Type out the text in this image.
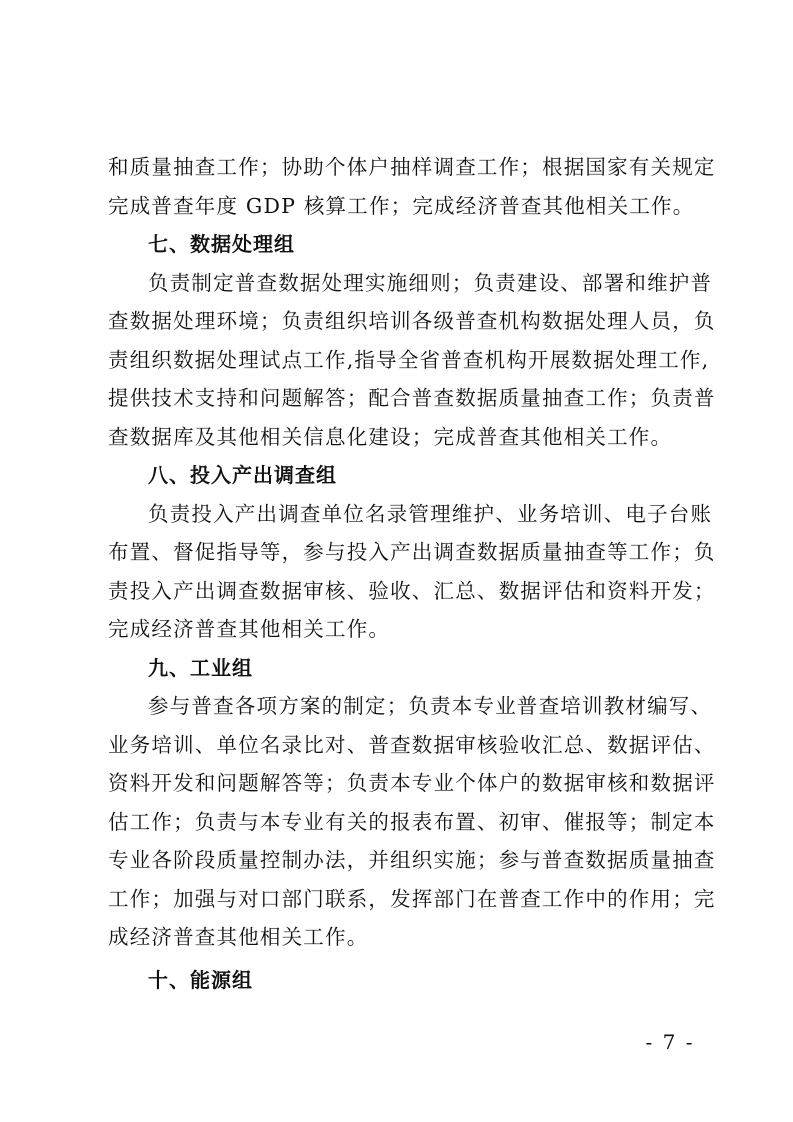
和质量抽查工作；协助个体户抽样调查工作；根据国家有关规定
完成普查年度 GDP 核算工作；完成经济普查其他相关工作。

七、数据处理组

负责制定普查数据处理实施细则；负责建设、部署和维护普
查数据处理环境；负责组织培训各级普查机构数据处理人员，负
责组织数据处理试点工作,指导全省普查机构开展数据处理工作,
提供技术支持和问题解答；配合普查数据质量抽查工作；负责普
查数据库及其他相关信息化建设；完成普查其他相关工作。

八、投入产出调查组

负责投入产出调查单位名录管理维护、业务培训、电子台账
布置、督促指导等，参与投入产出调查数据质量抽查等工作；负
责投入产出调查数据审核、验收、汇总、数据评估和资料开发；
完成经济普查其他相关工作。

九、工业组

参与普查各项方案的制定；负责本专业普查培训教材编写、
业务培训、单位名录比对、普查数据审核验收汇总、数据评估、
资料开发和问题解答等；负责本专业个体户的数据审核和数据评
估工作；负责与本专业有关的报表布置、初审、催报等；制定本
专业各阶段质量控制办法，并组织实施；参与普查数据质量抽查
工作；加强与对口部门联系，发挥部门在普查工作中的作用；完
成经济普查其他相关工作。

十、能源组
- 7 -
